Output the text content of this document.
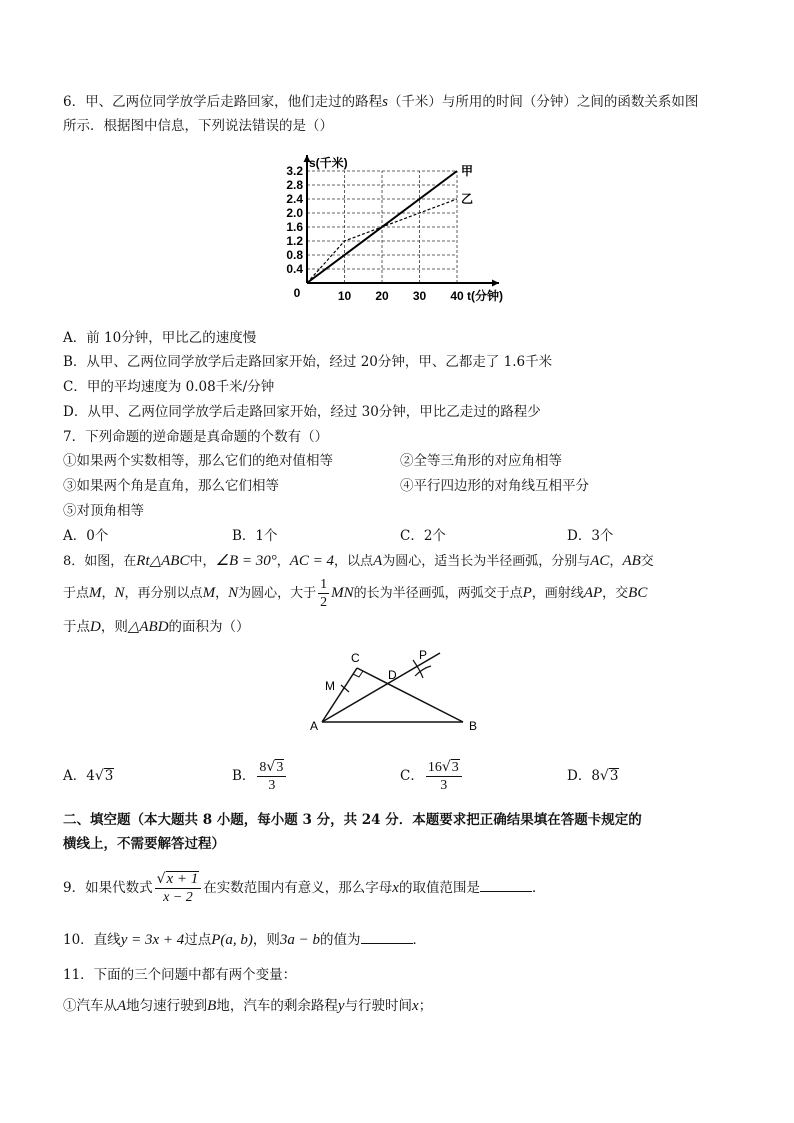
6．甲、乙两位同学放学后走路回家，他们走过的路程s（千米）与所用的时间（分钟）之间的函数关系如图
所示．根据图中信息，下列说法错误的是（）
0.4
0.8
1.2
1.6
2.0
2.4
2.8
3.2
10 20 30 40
0
s(千米)
t(分钟)
甲
乙
A．前 10分钟，甲比乙的速度慢
B．从甲、乙两位同学放学后走路回家开始，经过 20分钟，甲、乙都走了 1.6千米
C．甲的平均速度为 0.08千米/分钟
D．从甲、乙两位同学放学后走路回家开始，经过 30分钟，甲比乙走过的路程少
7．下列命题的逆命题是真命题的个数有（）
①如果两个实数相等，那么它们的绝对值相等	②全等三角形的对应角相等
③如果两个角是直角，那么它们相等	④平行四边形的对角线互相平分
⑤对顶角相等
A．0个	B．1个	C．2个	D．3个
8．如图，在Rt△ABC中，∠B = 30°，AC = 4，以点A为圆心，适当长为半径画弧，分别与AC，AB交
于点M，N，再分别以点M，N为圆心，大于 $\frac{1}{2}$ MN的长为半径画弧，两弧交于点P，画射线AP，交BC
于点D，则△ABD的面积为（）
C
M
D
P
A	B
A．4√3	B． $\frac{8√3}{3}$	C． $\frac{16√3}{3}$	D．8√3
二、填空题（本大题共 8 小题，每小题 3 分，共 24 分．本题要求把正确结果填在答题卡规定的
横线上，不需要解答过程）
9．如果代数式 $\frac{√x + 1}{x - 2}$ 在实数范围内有意义，那么字母x的取值范围是	．
10．直线y = 3x + 4过点P(a, b)，则3a − b的值为	．
11．下面的三个问题中都有两个变量：
①汽车从A地匀速行驶到B地，汽车的剩余路程y与行驶时间x；
